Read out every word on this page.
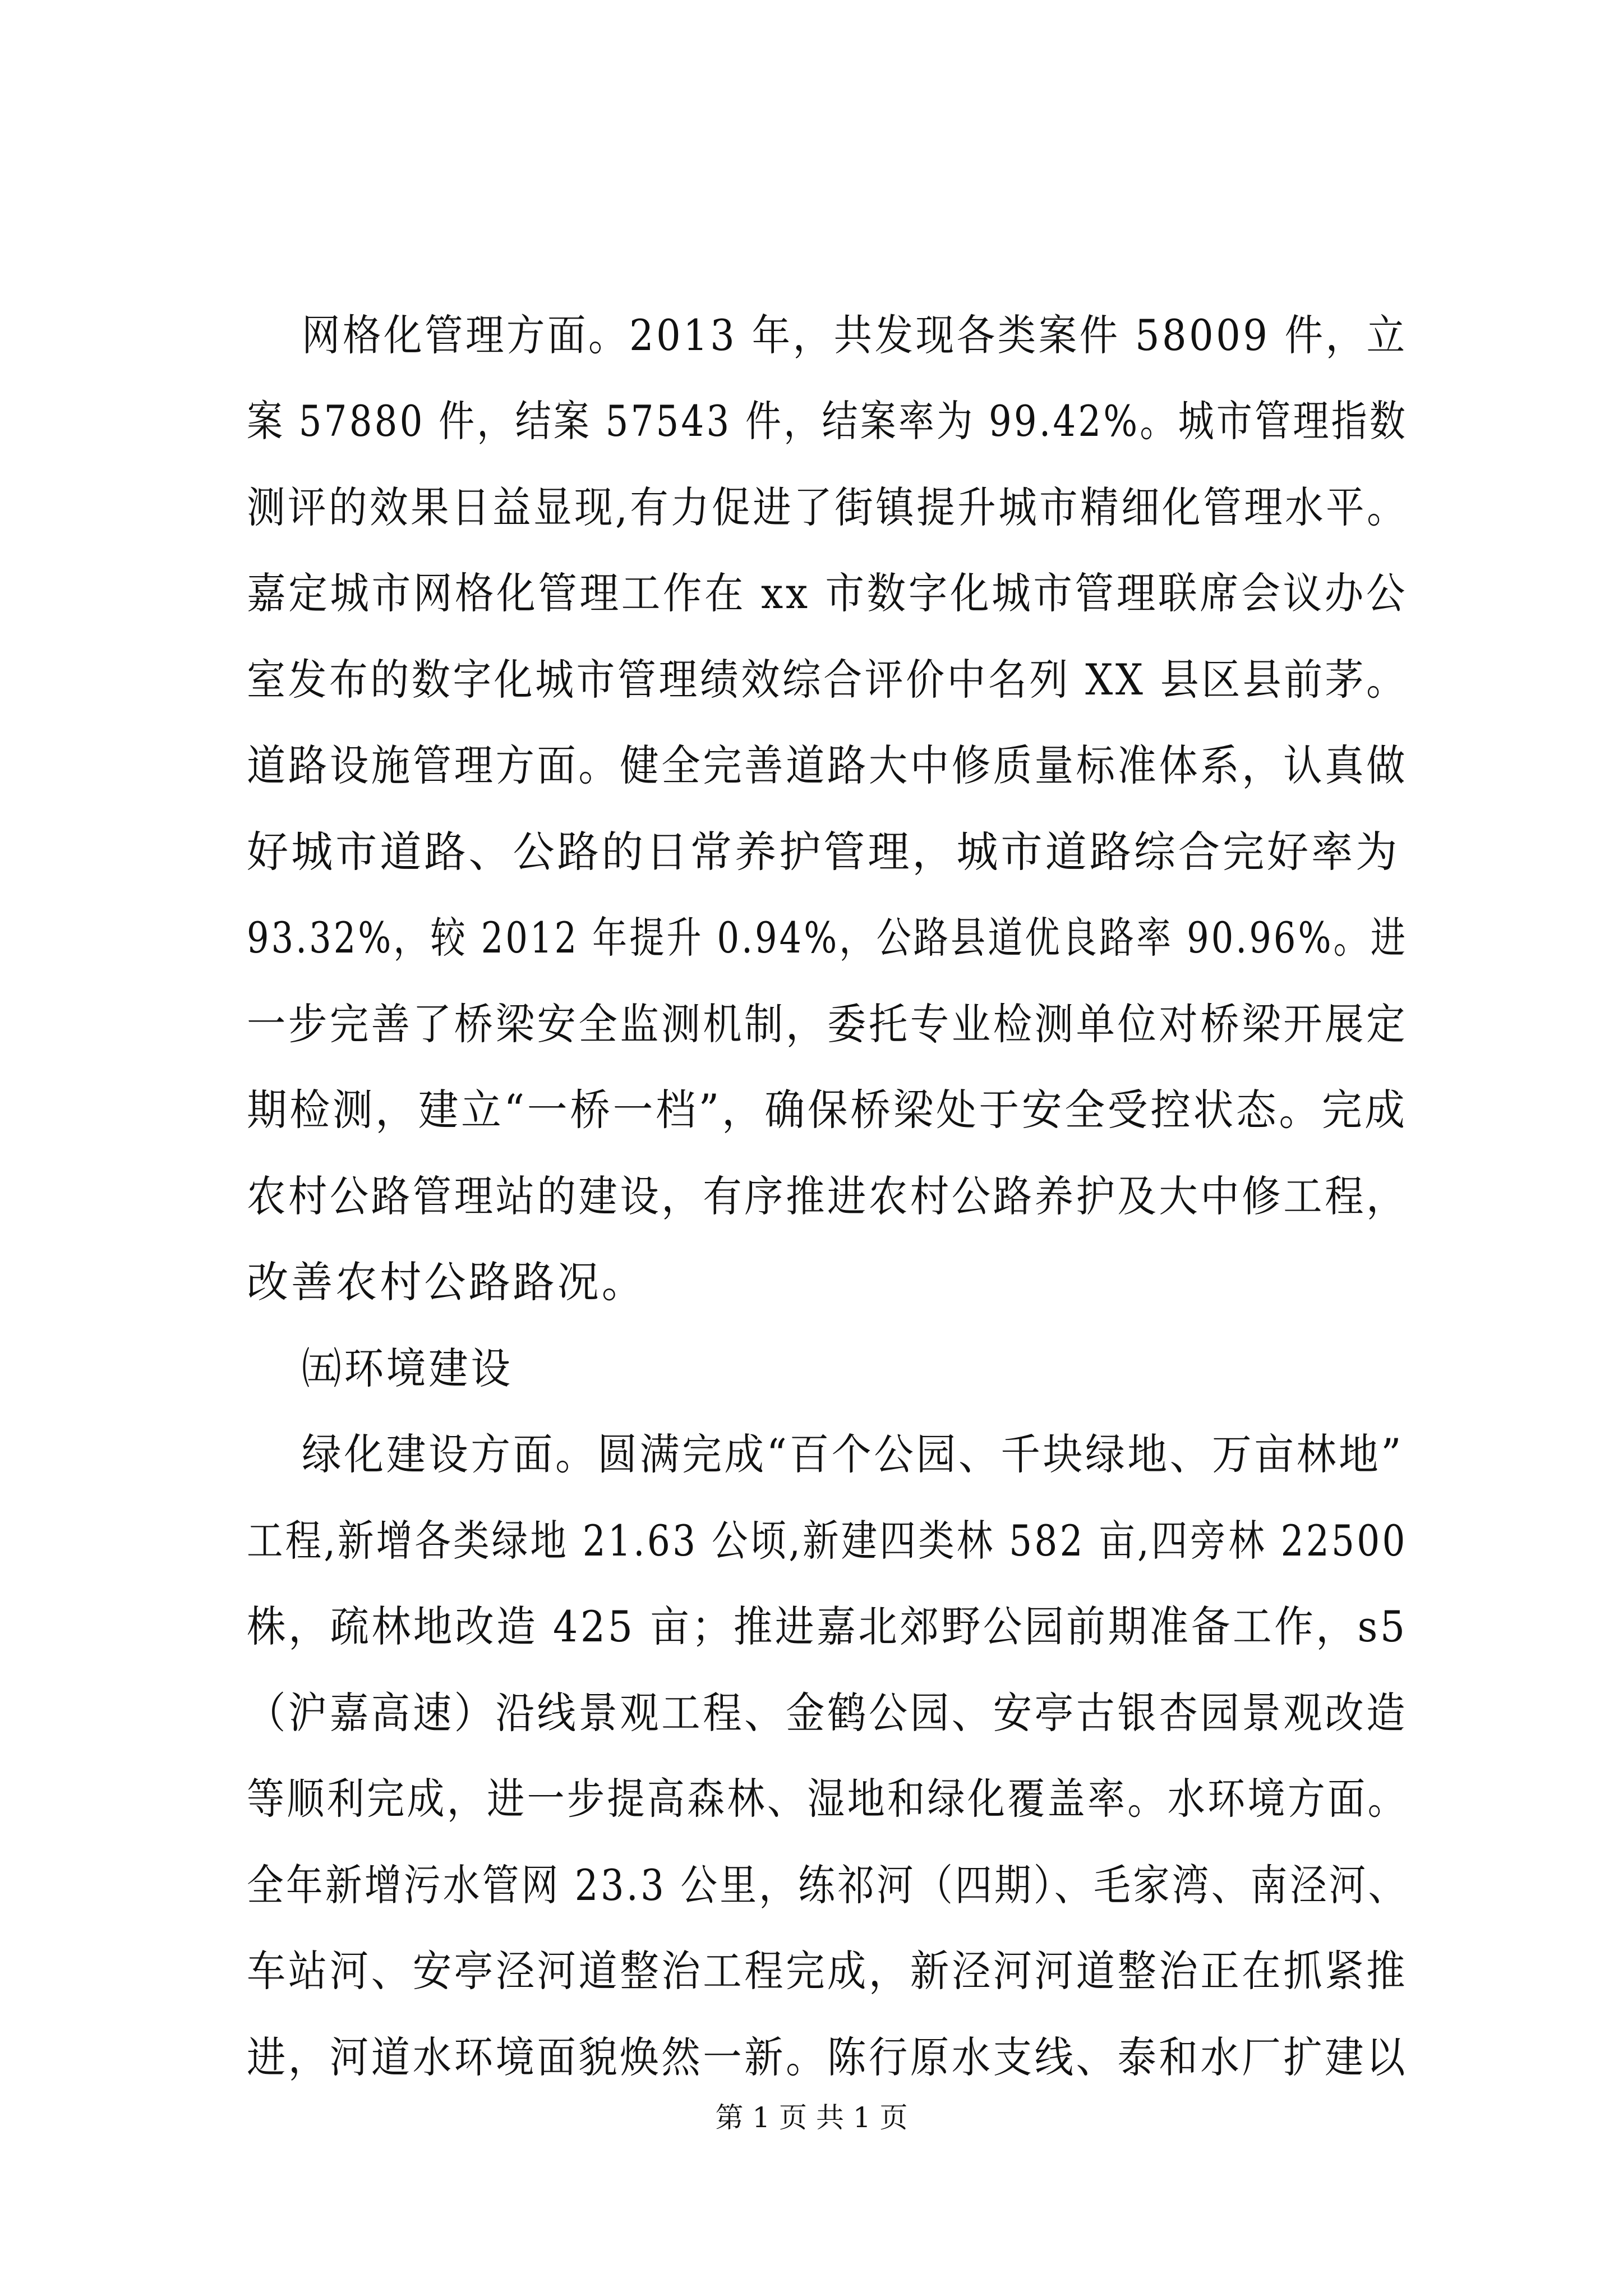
网格化管理方面。2013 年，共发现各类案件 58009 件，立
案 57880 件，结案 57543 件，结案率为 99.42%。城市管理指数
测评的效果日益显现,有力促进了街镇提升城市精细化管理水平。
嘉定城市网格化管理工作在 xx 市数字化城市管理联席会议办公
室发布的数字化城市管理绩效综合评价中名列 XX 县区县前茅。
道路设施管理方面。健全完善道路大中修质量标准体系，认真做
好城市道路、公路的日常养护管理，城市道路综合完好率为
93.32%，较 2012 年提升 0.94%，公路县道优良路率 90.96%。进
一步完善了桥梁安全监测机制，委托专业检测单位对桥梁开展定
期检测，建立“一桥一档”，确保桥梁处于安全受控状态。完成
农村公路管理站的建设，有序推进农村公路养护及大中修工程，
改善农村公路路况。
㈤环境建设
绿化建设方面。圆满完成“百个公园、千块绿地、万亩林地”
工程,新增各类绿地 21.63 公顷,新建四类林 582 亩,四旁林 22500
株，疏林地改造 425 亩；推进嘉北郊野公园前期准备工作，s5
（沪嘉高速）沿线景观工程、金鹤公园、安亭古银杏园景观改造
等顺利完成，进一步提高森林、湿地和绿化覆盖率。水环境方面。
全年新增污水管网 23.3 公里，练祁河（四期）、毛家湾、南泾河、
车站河、安亭泾河道整治工程完成，新泾河河道整治正在抓紧推
进，河道水环境面貌焕然一新。陈行原水支线、泰和水厂扩建以
第 1 页 共 1 页
